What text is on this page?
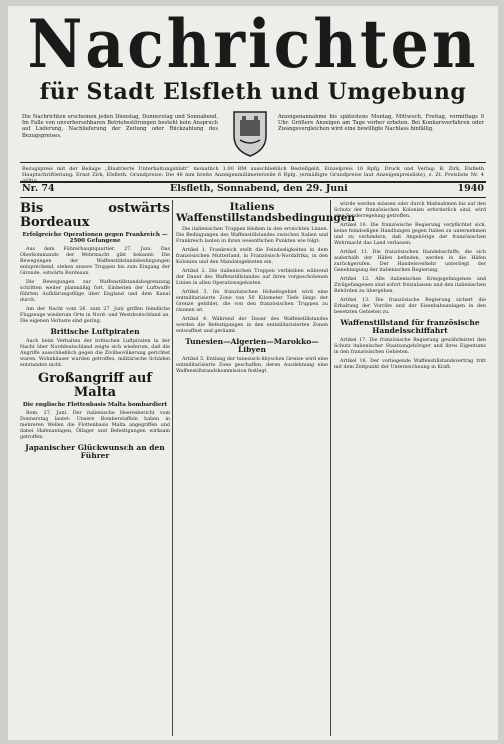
Nachrichten
für Stadt Elsfleth und Umgebung
Die Nachrichten erscheinen jeden Dienstag, Donnerstag und Sonnabend. Im Falle von unvorhersehbaren Betriebsstörungen besteht kein Anspruch auf Lieferung, Nachlieferung der Zeitung oder Rückzahlung des Bezugspreises.
Anzeigenannahme bis spätestens Montag, Mittwoch, Freitag, vormittags 9 Uhr. Größere Anzeigen am Tage vorher erbeten. Bei Konkursverfahren oder Zwangsvergleichen wird eine bewilligte Nachlass hinfällig.
Bezugspreis mit der Beilage „Illustrierte Unterhaltungsblatt“ monatlich 1.00 RM ausschließlich Bestellgeld. Einzelpreis 10 Rpfg. Druck und Verlag: B. Zirk, Elsfleth Hauptschriftleitung: Ernst Zirk, Elsfleth. Grundpreise: Die 46 mm breite Anzeigenmillimeterzeile 6 Rpfg. (ermäßigte Grundpreise laut Anzeigenpreisliste), z. Zt. Preisliste Nr. 4 gültig.
Nr. 74	Elsfleth, Sonnabend, den 29. Juni	1940
Bis ostwärts Bordeaux
Erfolgreiche Operationen gegen Frankreich — 2500 Gefangene

Aus dem Führerhauptquartier, 27. Juni. Das Oberkommando der Wehrmacht gibt bekannt: Die Bewegungen der Waffenstillstandsbedingungen entsprechend, stehen unsere Truppen bis zum Eingang der Gironde, ostwärts Bordeaux.

Die Bewegungen zur Waffenstillstandsbegrenzung schritten weiter planmäßig fort. Einheiten der Luftwaffe führten Aufklärungsflüge über England und dem Kanal durch.

Am der Nacht vom 26. zum 27. Juni griffen feindliche Flugzeuge wiederum Orte in Nord- und Westdeutschland an. Die eigenen Verluste sind gering.

Britische Luftpiraten

Auch beim Verhalten der britischen Luftpiraten in der Nacht über Norddeutschland zeigte sich wiederum, daß die Angriffe ausschließlich gegen die Zivilbevölkerung gerichtet waren. Wohnhäuser wurden getroffen, militärische Schäden entstanden nicht.

Großangriff auf Malta
Die englische Flottenbasis Malta bombardiert

Rom, 27. Juni. Der italienische Heeresbericht vom Donnerstag lautet: Unsere Bomberstaffeln haben in mehreren Wellen die Flottenbasis Malta angegriffen und dabei Hafenanlagen, Öllager und Befestigungen wirksam getroffen.

Japanischer Glückwunsch an den Führer
Italiens Waffenstillstandsbedingungen

Die italienischen Truppen bleiben in den erreichten Linien. Die Bedingungen des Waffenstillstandes zwischen Italien und Frankreich lauten in ihren wesentlichen Punkten wie folgt:

Artikel 1. Frankreich stellt die Feindseligkeiten in dem französischen Mutterland, in Französisch-Nordafrika, in den Kolonien und den Mandatsgebieten ein.

Artikel 2. Die italienischen Truppen verbleiben während der Dauer des Waffenstillstandes auf ihren vorgeschobenen Linien in allen Operationsgebieten.

Artikel 3. Im französischen Hoheitsgebiet wird eine entmilitarisierte Zone von 50 Kilometer Tiefe längs der Grenze gebildet, die von den französischen Truppen zu räumen ist.

Artikel 4. Während der Dauer des Waffenstillstandes werden die Befestigungen in den entmilitarisierten Zonen entwaffnet und geräumt.

Tunesien—Algerien—Marokko—Libyen

Artikel 5. Entlang der tunesisch-libyschen Grenze wird eine entmilitarisierte Zone geschaffen, deren Ausdehnung eine Waffenstillstandskommission festlegt.

würde werden müssen oder durch Maßnahmen bis auf den Schutz der französischen Kolonien erforderlich sind, wird eine Sonderregelung getroffen.

Artikel 10. Die französische Regierung verpflichtet sich, keine feindseligen Handlungen gegen Italien zu unternehmen und zu verhindern, daß Angehörige der französischen Wehrmacht das Land verlassen.

Artikel 11. Die französischen Handelsschiffe, die sich außerhalb der Häfen befinden, werden in die Häfen zurückgerufen. Der Handelsverkehr unterliegt der Genehmigung der italienischen Regierung.

Artikel 12. Alle italienischen Kriegsgefangenen und Zivilgefangenen sind sofort freizulassen und den italienischen Behörden zu übergeben.

Artikel 13. Die französische Regierung sichert die Erhaltung der Vorräte und der Eisenbahnanlagen in den besetzten Gebieten zu.

Waffenstillstand für französische Handelsschiffahrt

Artikel 17. Die französische Regierung gewährleistet den Schutz italienischer Staatsangehöriger und ihres Eigentums in den französischen Gebieten.

Artikel 18. Der vorliegende Waffenstillstandsvertrag tritt mit dem Zeitpunkt der Unterzeichnung in Kraft.
